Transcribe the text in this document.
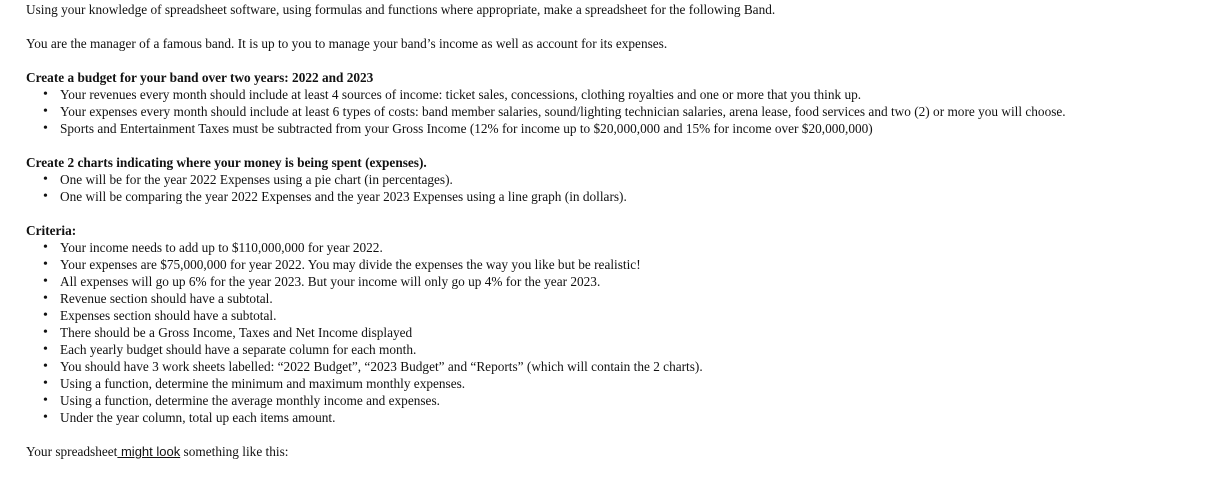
Using your knowledge of spreadsheet software, using formulas and functions where appropriate, make a spreadsheet for the following Band.

You are the manager of a famous band. It is up to you to manage your band’s income as well as account for its expenses.

Create a budget for your band over two years: 2022 and 2023

• Your revenues every month should include at least 4 sources of income: ticket sales, concessions, clothing royalties and one or more that you think up.
• Your expenses every month should include at least 6 types of costs: band member salaries, sound/lighting technician salaries, arena lease, food services and two (2) or more you will choose.
• Sports and Entertainment Taxes must be subtracted from your Gross Income (12% for income up to $20,000,000 and 15% for income over $20,000,000)

Create 2 charts indicating where your money is being spent (expenses).

• One will be for the year 2022 Expenses using a pie chart (in percentages).
• One will be comparing the year 2022 Expenses and the year 2023 Expenses using a line graph (in dollars).

Criteria:

• Your income needs to add up to $110,000,000 for year 2022.
• Your expenses are $75,000,000 for year 2022. You may divide the expenses the way you like but be realistic!
• All expenses will go up 6% for the year 2023. But your income will only go up 4% for the year 2023.
• Revenue section should have a subtotal.
• Expenses section should have a subtotal.
• There should be a Gross Income, Taxes and Net Income displayed
• Each yearly budget should have a separate column for each month.
• You should have 3 work sheets labelled: “2022 Budget”, “2023 Budget” and “Reports” (which will contain the 2 charts).
• Using a function, determine the minimum and maximum monthly expenses.
• Using a function, determine the average monthly income and expenses.
• Under the year column, total up each items amount.

Your spreadsheet might look something like this:
